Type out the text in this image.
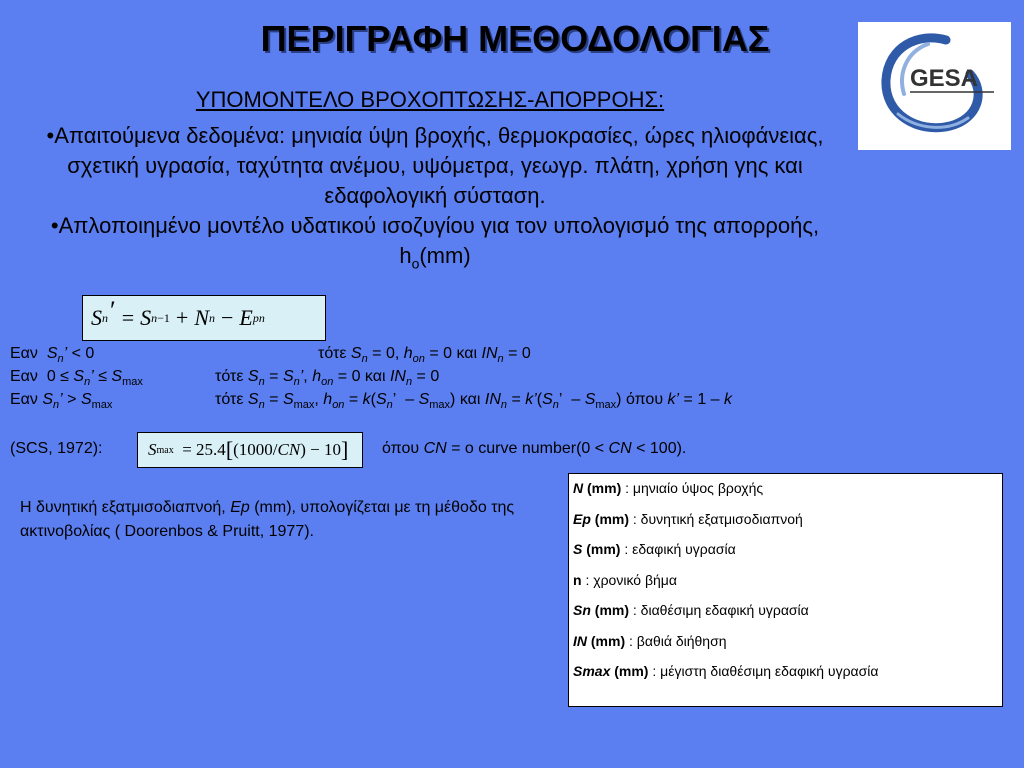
ΠΕΡΙΓΡΑΦΗ ΜΕΘΟΔΟΛΟΓΙΑΣ
GESA
ΥΠΟΜΟΝΤΕΛΟ ΒΡΟΧΟΠΤΩΣΗΣ-ΑΠΟΡΡΟΗΣ:

•Απαιτούμενα δεδομένα: μηνιαία ύψη βροχής, θερμοκρασίες, ώρες ηλιοφάνειας, σχετική υγρασία, ταχύτητα ανέμου, υψόμετρα, γεωγρ. πλάτη, χρήση γης και εδαφολογική σύσταση.

•Απλοποιημένο μοντέλο υδατικού ισοζυγίου για τον υπολογισμό της απορροής, $h_o(mm)$

S n ′ = S n−1 + N n − E pn
Εαν $S_n$’ < 0	τότε $S_n = 0$, $h_{on} = 0$ και $IN_n = 0$
Εαν  $0 \le S_n$’ ≤ $S_{max}$	τότε $S_n = S_n$’, $h_{on} = 0$ και $IN_n = 0$
Εαν $S_n$’ > $S_{max}$	τότε $S_n = S_{max}$, $h_{on} = k(S_n$’  – $S_{max}$) και $IN_n$ = $k’(S_n$’  – $S_{max}$) όπου k’ = 1 – k
(SCS, 1972):	S max = 25.4 [ (1000/ CN ) − 10 ] όπου CN = o curve number(0 < CN < 100).
Η δυνητική εξατμισοδιαπνοή, Ep (mm), υπολογίζεται με τη μέθοδο της ακτινοβολίας ( Doorenbos & Pruitt, 1977).
N (mm) : μηνιαίο ύψος βροχής
Ep (mm) : δυνητική εξατμισοδιαπνοή
S (mm) : εδαφική υγρασία
n : χρονικό βήμα
Sn (mm) : διαθέσιμη εδαφική υγρασία
IN (mm) : βαθιά διήθηση
Smax (mm) : μέγιστη διαθέσιμη εδαφική υγρασία
